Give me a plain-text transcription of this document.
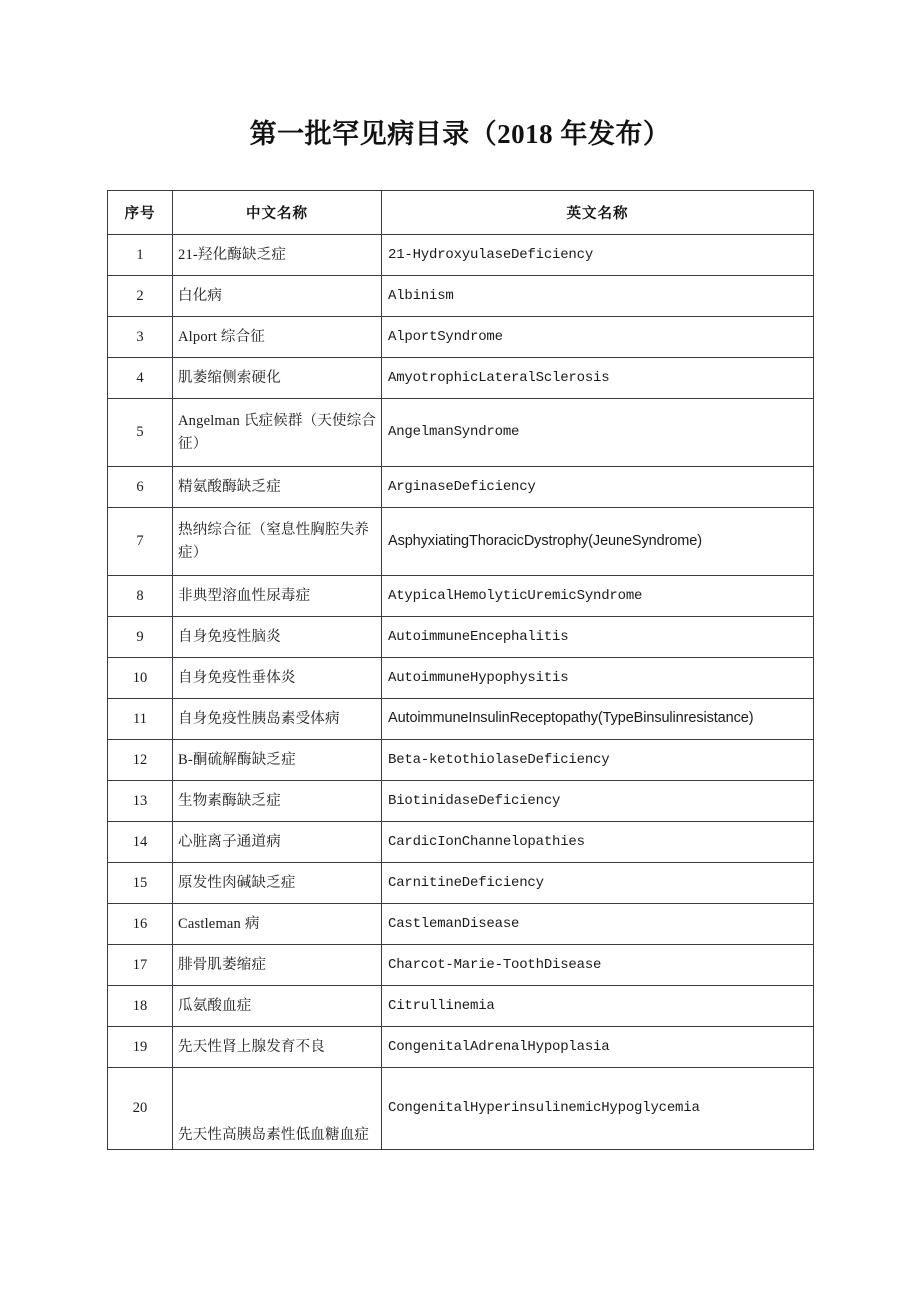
第一批罕见病目录（2018 年发布）
序号	中文名称	英文名称
1	21-羟化酶缺乏症	21-HydroxyulaseDeficiency
2	白化病	Albinism
3	Alport 综合征	AlportSyndrome
4	肌萎缩侧索硬化	AmyotrophicLateralSclerosis
5	Angelman 氏症候群（天使综合征）	AngelmanSyndrome
6	精氨酸酶缺乏症	ArginaseDeficiency
7	热纳综合征（窒息性胸腔失养症）	AsphyxiatingThoracicDystrophy(JeuneSyndrome)
8	非典型溶血性尿毒症	AtypicalHemolyticUremicSyndrome
9	自身免疫性脑炎	AutoimmuneEncephalitis
10	自身免疫性垂体炎	AutoimmuneHypophysitis
11	自身免疫性胰岛素受体病	AutoimmuneInsulinReceptopathy(TypeBinsulinresistance)
12	B-酮硫解酶缺乏症	Beta-ketothiolaseDeficiency
13	生物素酶缺乏症	BiotinidaseDeficiency
14	心脏离子通道病	CardicIonChannelopathies
15	原发性肉碱缺乏症	CarnitineDeficiency
16	Castleman 病	CastlemanDisease
17	腓骨肌萎缩症	Charcot-Marie-ToothDisease
18	瓜氨酸血症	Citrullinemia
19	先天性肾上腺发育不良	CongenitalAdrenalHypoplasia
20	先天性高胰岛素性低血糖血症	CongenitalHyperinsulinemicHypoglycemia
